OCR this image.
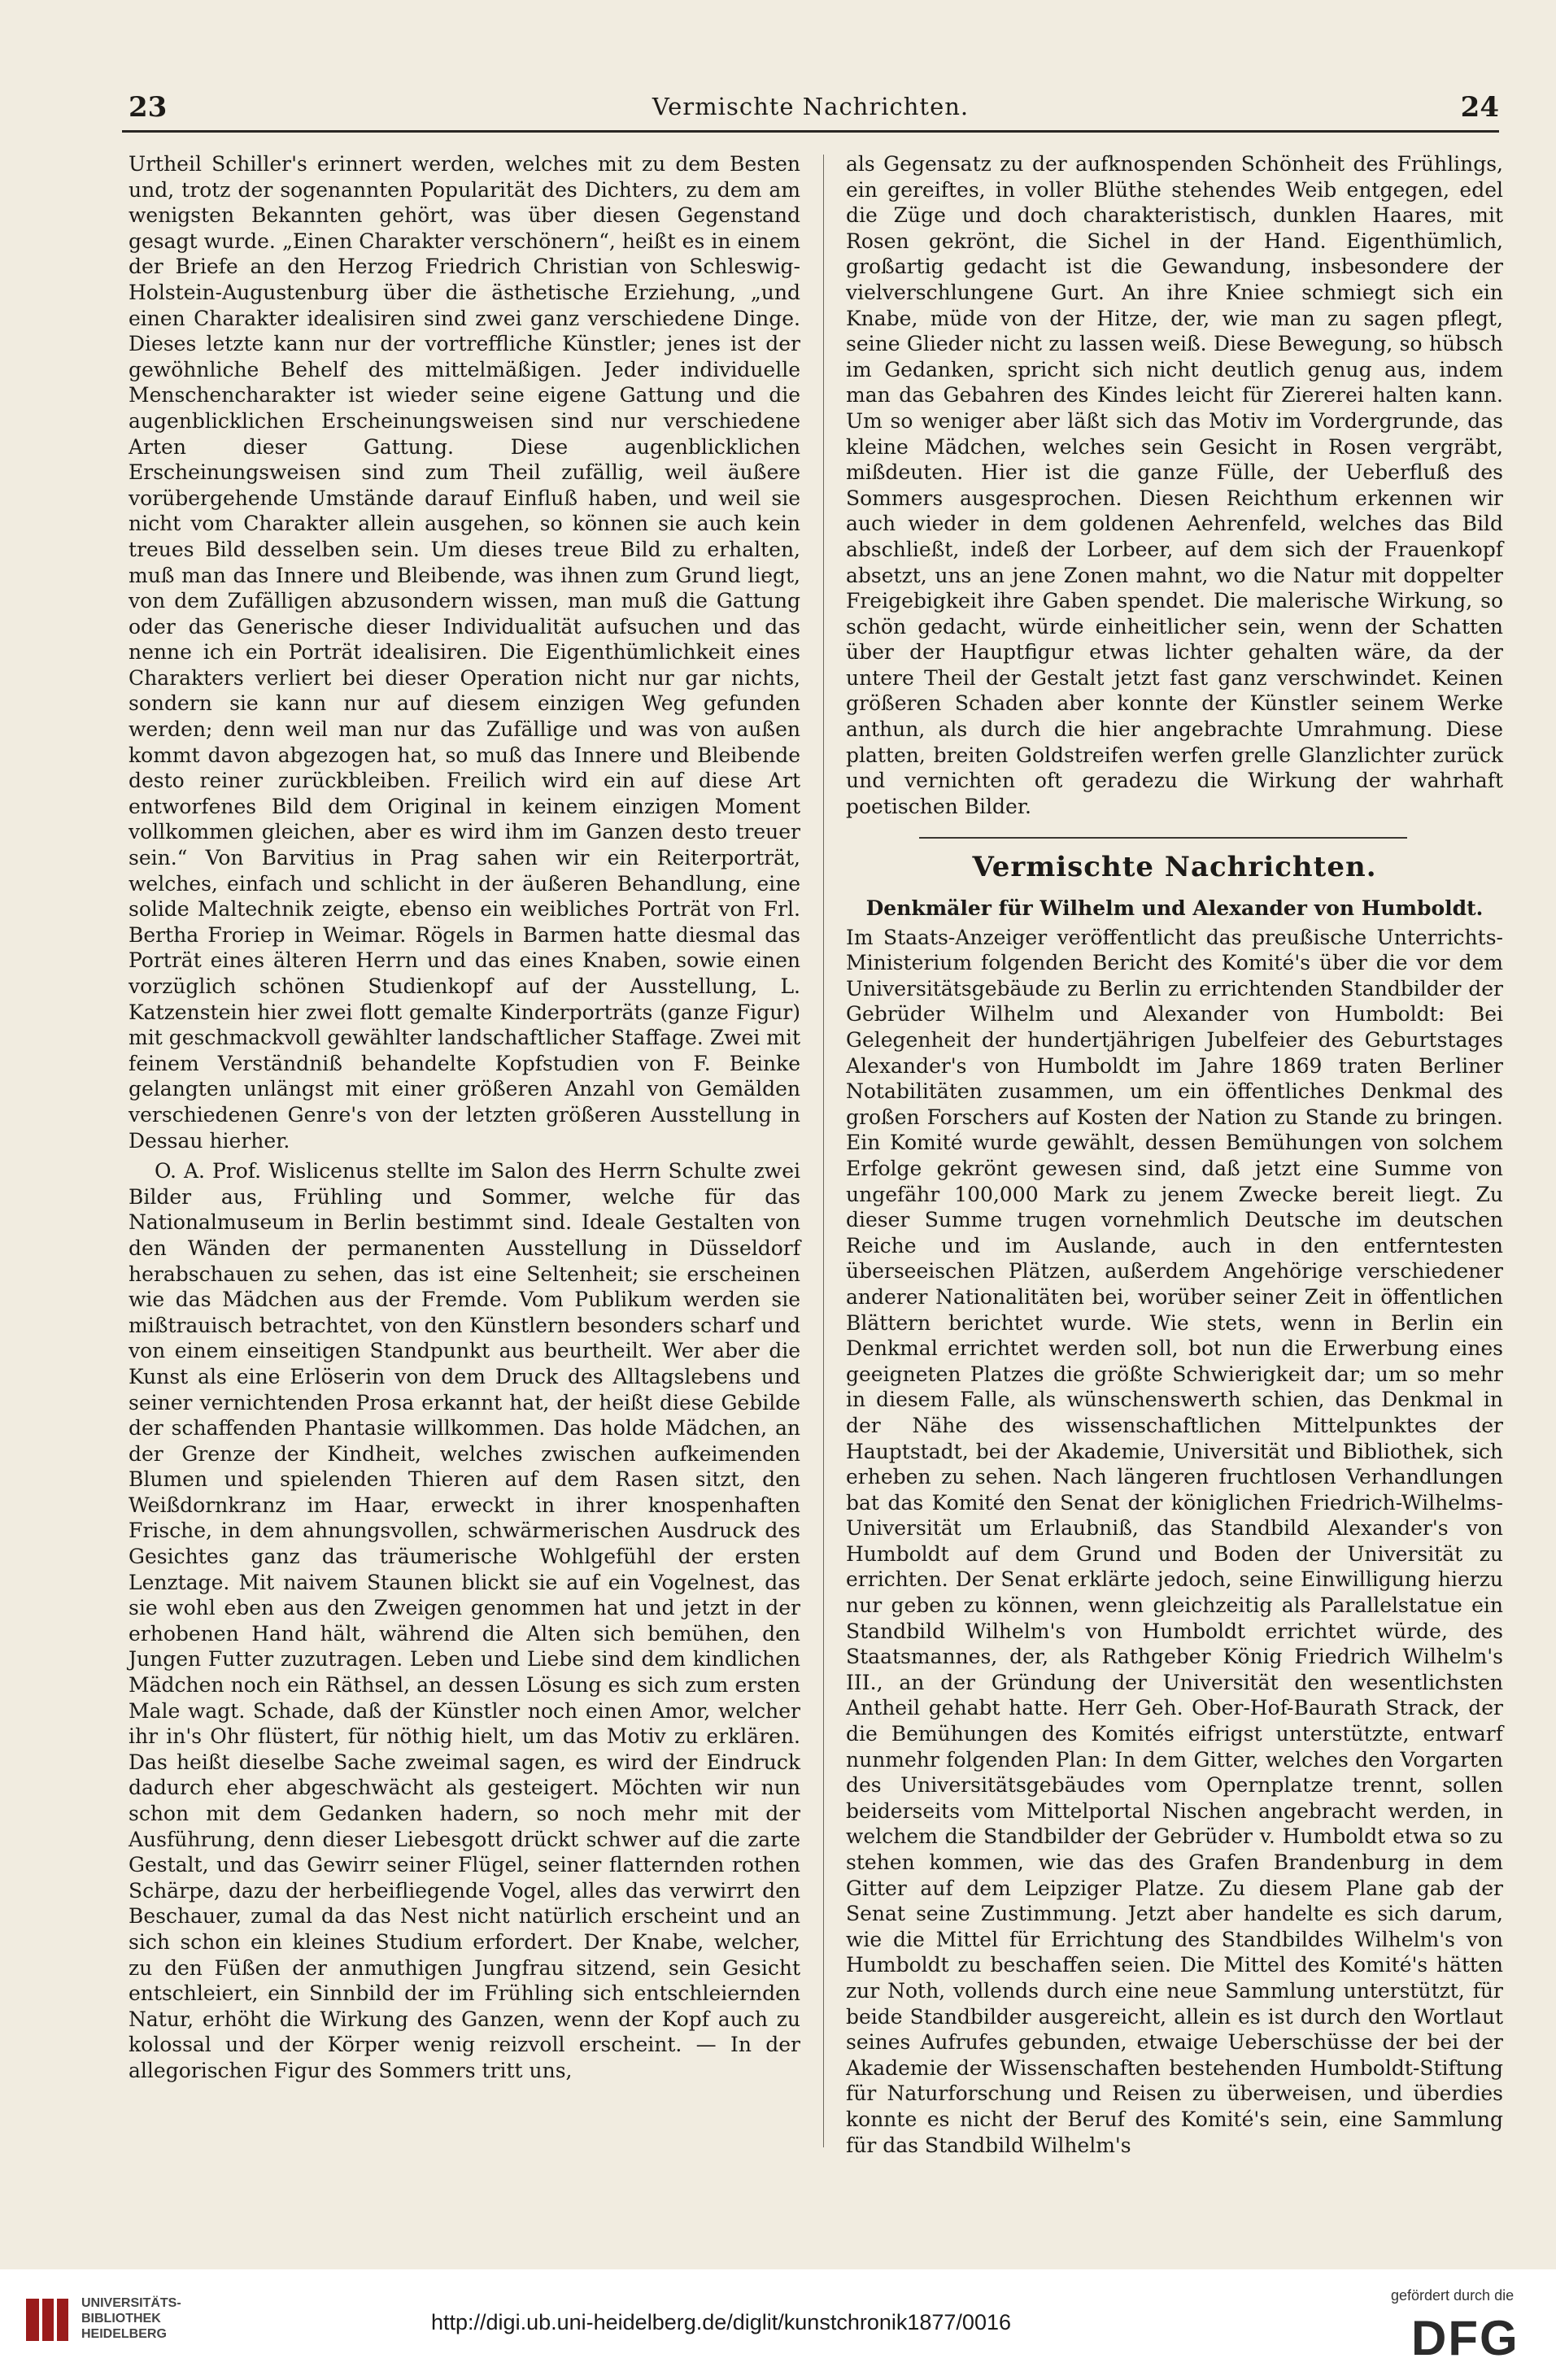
23	Vermischte Nachrichten.	24

Urtheil Schiller's erinnert werden, welches mit zu dem Besten und, trotz der sogenannten Popularität des Dichters, zu dem am wenigsten Bekannten gehört, was über diesen Gegenstand gesagt wurde. „Einen Charakter verschönern“, heißt es in einem der Briefe an den Herzog Friedrich Christian von Schleswig-Holstein-Augustenburg über die ästhetische Erziehung, „und einen Charakter idealisiren sind zwei ganz verschiedene Dinge. Dieses letzte kann nur der vortreffliche Künstler; jenes ist der gewöhnliche Behelf des mittelmäßigen. Jeder individuelle Menschencharakter ist wieder seine eigene Gattung und die augenblicklichen Erscheinungsweisen sind nur verschiedene Arten dieser Gattung. Diese augenblicklichen Erscheinungsweisen sind zum Theil zufällig, weil äußere vorübergehende Umstände darauf Einfluß haben, und weil sie nicht vom Charakter allein ausgehen, so können sie auch kein treues Bild desselben sein. Um dieses treue Bild zu erhalten, muß man das Innere und Bleibende, was ihnen zum Grund liegt, von dem Zufälligen abzusondern wissen, man muß die Gattung oder das Generische dieser Individualität aufsuchen und das nenne ich ein Porträt idealisiren. Die Eigenthümlichkeit eines Charakters verliert bei dieser Operation nicht nur gar nichts, sondern sie kann nur auf diesem einzigen Weg gefunden werden; denn weil man nur das Zufällige und was von außen kommt davon abgezogen hat, so muß das Innere und Bleibende desto reiner zurückbleiben. Freilich wird ein auf diese Art entworfenes Bild dem Original in keinem einzigen Moment vollkommen gleichen, aber es wird ihm im Ganzen desto treuer sein.“ Von Barvitius in Prag sahen wir ein Reiterporträt, welches, einfach und schlicht in der äußeren Behandlung, eine solide Maltechnik zeigte, ebenso ein weibliches Porträt von Frl. Bertha Froriep in Weimar. Rögels in Barmen hatte diesmal das Porträt eines älteren Herrn und das eines Knaben, sowie einen vorzüglich schönen Studienkopf auf der Ausstellung, L. Katzenstein hier zwei flott gemalte Kinderporträts (ganze Figur) mit geschmackvoll gewählter landschaftlicher Staffage. Zwei mit feinem Verständniß behandelte Kopfstudien von F. Beinke gelangten unlängst mit einer größeren Anzahl von Gemälden verschiedenen Genre's von der letzten größeren Ausstellung in Dessau hierher.

O. A. Prof. Wislicenus stellte im Salon des Herrn Schulte zwei Bilder aus, Frühling und Sommer, welche für das Nationalmuseum in Berlin bestimmt sind. Ideale Gestalten von den Wänden der permanenten Ausstellung in Düsseldorf herabschauen zu sehen, das ist eine Seltenheit; sie erscheinen wie das Mädchen aus der Fremde. Vom Publikum werden sie mißtrauisch betrachtet, von den Künstlern besonders scharf und von einem einseitigen Standpunkt aus beurtheilt. Wer aber die Kunst als eine Erlöserin von dem Druck des Alltagslebens und seiner vernichtenden Prosa erkannt hat, der heißt diese Gebilde der schaffenden Phantasie willkommen. Das holde Mädchen, an der Grenze der Kindheit, welches zwischen aufkeimenden Blumen und spielenden Thieren auf dem Rasen sitzt, den Weißdornkranz im Haar, erweckt in ihrer knospenhaften Frische, in dem ahnungsvollen, schwärmerischen Ausdruck des Gesichtes ganz das träumerische Wohlgefühl der ersten Lenztage. Mit naivem Staunen blickt sie auf ein Vogelnest, das sie wohl eben aus den Zweigen genommen hat und jetzt in der erhobenen Hand hält, während die Alten sich bemühen, den Jungen Futter zuzutragen. Leben und Liebe sind dem kindlichen Mädchen noch ein Räthsel, an dessen Lösung es sich zum ersten Male wagt. Schade, daß der Künstler noch einen Amor, welcher ihr in's Ohr flüstert, für nöthig hielt, um das Motiv zu erklären. Das heißt dieselbe Sache zweimal sagen, es wird der Eindruck dadurch eher abgeschwächt als gesteigert. Möchten wir nun schon mit dem Gedanken hadern, so noch mehr mit der Ausführung, denn dieser Liebesgott drückt schwer auf die zarte Gestalt, und das Gewirr seiner Flügel, seiner flatternden rothen Schärpe, dazu der herbeifliegende Vogel, alles das verwirrt den Beschauer, zumal da das Nest nicht natürlich erscheint und an sich schon ein kleines Studium erfordert. Der Knabe, welcher, zu den Füßen der anmuthigen Jungfrau sitzend, sein Gesicht entschleiert, ein Sinnbild der im Frühling sich entschleiernden Natur, erhöht die Wirkung des Ganzen, wenn der Kopf auch zu kolossal und der Körper wenig reizvoll erscheint. — In der allegorischen Figur des Sommers tritt uns,

als Gegensatz zu der aufknospenden Schönheit des Frühlings, ein gereiftes, in voller Blüthe stehendes Weib entgegen, edel die Züge und doch charakteristisch, dunklen Haares, mit Rosen gekrönt, die Sichel in der Hand. Eigenthümlich, großartig gedacht ist die Gewandung, insbesondere der vielverschlungene Gurt. An ihre Kniee schmiegt sich ein Knabe, müde von der Hitze, der, wie man zu sagen pflegt, seine Glieder nicht zu lassen weiß. Diese Bewegung, so hübsch im Gedanken, spricht sich nicht deutlich genug aus, indem man das Gebahren des Kindes leicht für Ziererei halten kann. Um so weniger aber läßt sich das Motiv im Vordergrunde, das kleine Mädchen, welches sein Gesicht in Rosen vergräbt, mißdeuten. Hier ist die ganze Fülle, der Ueberfluß des Sommers ausgesprochen. Diesen Reichthum erkennen wir auch wieder in dem goldenen Aehrenfeld, welches das Bild abschließt, indeß der Lorbeer, auf dem sich der Frauenkopf absetzt, uns an jene Zonen mahnt, wo die Natur mit doppelter Freigebigkeit ihre Gaben spendet. Die malerische Wirkung, so schön gedacht, würde einheitlicher sein, wenn der Schatten über der Hauptfigur etwas lichter gehalten wäre, da der untere Theil der Gestalt jetzt fast ganz verschwindet. Keinen größeren Schaden aber konnte der Künstler seinem Werke anthun, als durch die hier angebrachte Umrahmung. Diese platten, breiten Goldstreifen werfen grelle Glanzlichter zurück und vernichten oft geradezu die Wirkung der wahrhaft poetischen Bilder.

Vermischte Nachrichten.
Denkmäler für Wilhelm und Alexander von Humboldt.

Im Staats-Anzeiger veröffentlicht das preußische Unterrichts-Ministerium folgenden Bericht des Komité's über die vor dem Universitätsgebäude zu Berlin zu errichtenden Standbilder der Gebrüder Wilhelm und Alexander von Humboldt: Bei Gelegenheit der hundertjährigen Jubelfeier des Geburtstages Alexander's von Humboldt im Jahre 1869 traten Berliner Notabilitäten zusammen, um ein öffentliches Denkmal des großen Forschers auf Kosten der Nation zu Stande zu bringen. Ein Komité wurde gewählt, dessen Bemühungen von solchem Erfolge gekrönt gewesen sind, daß jetzt eine Summe von ungefähr 100,000 Mark zu jenem Zwecke bereit liegt. Zu dieser Summe trugen vornehmlich Deutsche im deutschen Reiche und im Auslande, auch in den entferntesten überseeischen Plätzen, außerdem Angehörige verschiedener anderer Nationalitäten bei, worüber seiner Zeit in öffentlichen Blättern berichtet wurde. Wie stets, wenn in Berlin ein Denkmal errichtet werden soll, bot nun die Erwerbung eines geeigneten Platzes die größte Schwierigkeit dar; um so mehr in diesem Falle, als wünschenswerth schien, das Denkmal in der Nähe des wissenschaftlichen Mittelpunktes der Hauptstadt, bei der Akademie, Universität und Bibliothek, sich erheben zu sehen. Nach längeren fruchtlosen Verhandlungen bat das Komité den Senat der königlichen Friedrich-Wilhelms-Universität um Erlaubniß, das Standbild Alexander's von Humboldt auf dem Grund und Boden der Universität zu errichten. Der Senat erklärte jedoch, seine Einwilligung hierzu nur geben zu können, wenn gleichzeitig als Parallelstatue ein Standbild Wilhelm's von Humboldt errichtet würde, des Staatsmannes, der, als Rathgeber König Friedrich Wilhelm's III., an der Gründung der Universität den wesentlichsten Antheil gehabt hatte. Herr Geh. Ober-Hof-Baurath Strack, der die Bemühungen des Komités eifrigst unterstützte, entwarf nunmehr folgenden Plan: In dem Gitter, welches den Vorgarten des Universitätsgebäudes vom Opernplatze trennt, sollen beiderseits vom Mittelportal Nischen angebracht werden, in welchem die Standbilder der Gebrüder v. Humboldt etwa so zu stehen kommen, wie das des Grafen Brandenburg in dem Gitter auf dem Leipziger Platze. Zu diesem Plane gab der Senat seine Zustimmung. Jetzt aber handelte es sich darum, wie die Mittel für Errichtung des Standbildes Wilhelm's von Humboldt zu beschaffen seien. Die Mittel des Komité's hätten zur Noth, vollends durch eine neue Sammlung unterstützt, für beide Standbilder ausgereicht, allein es ist durch den Wortlaut seines Aufrufes gebunden, etwaige Ueberschüsse der bei der Akademie der Wissenschaften bestehenden Humboldt-Stiftung für Naturforschung und Reisen zu überweisen, und überdies konnte es nicht der Beruf des Komité's sein, eine Sammlung für das Standbild Wilhelm's

UNIVERSITÄTS-
BIBLIOTHEK
HEIDELBERG	http://digi.ub.uni-heidelberg.de/diglit/kunstchronik1877/0016
gefördert durch die
DFG
